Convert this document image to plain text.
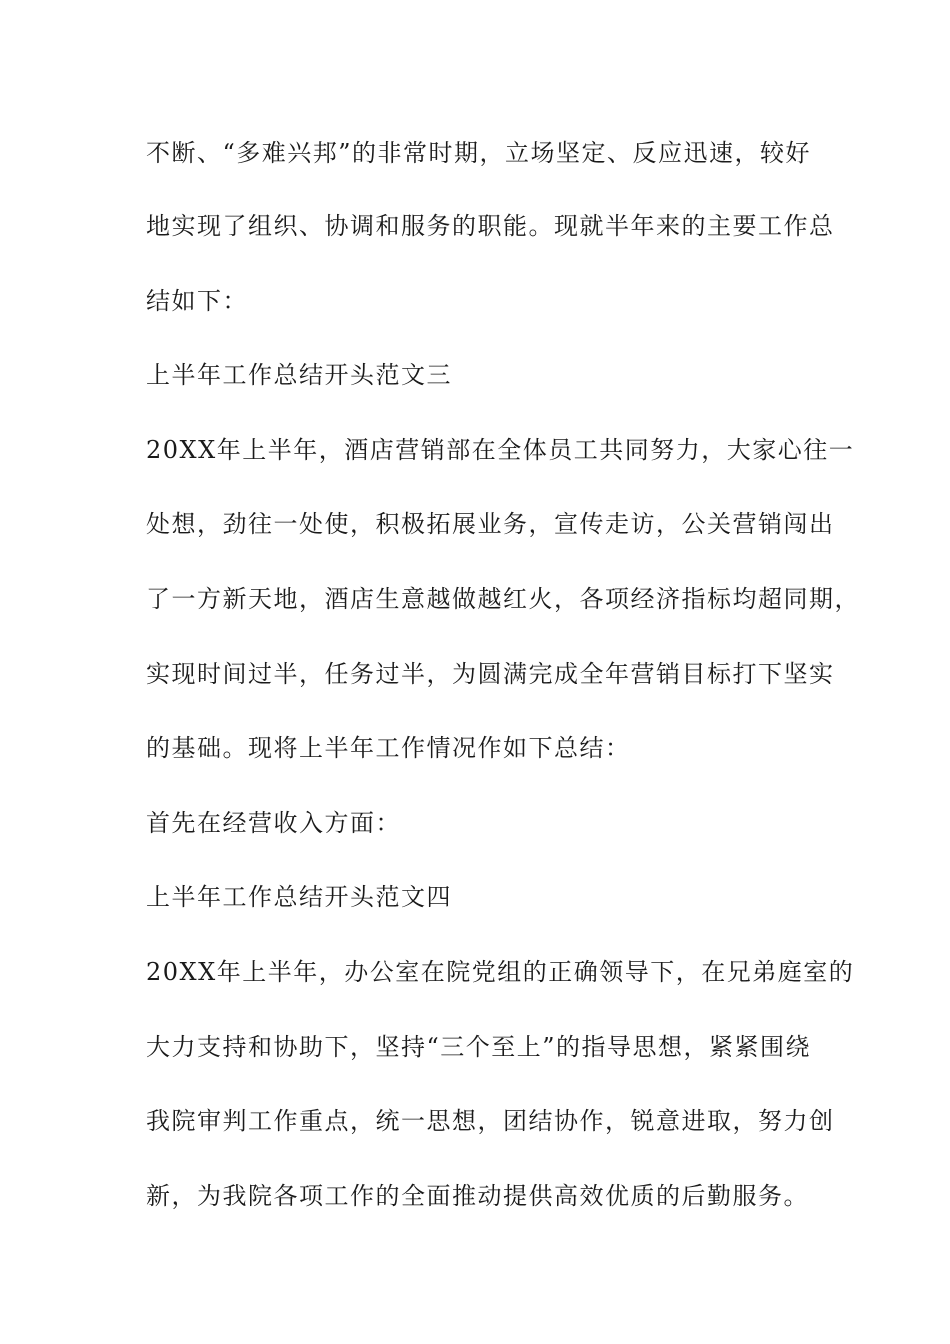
不断、“多难兴邦”的非常时期，立场坚定、反应迅速，较好
地实现了组织、协调和服务的职能。现就半年来的主要工作总
结如下：
上半年工作总结开头范文三
20XX年上半年，酒店营销部在全体员工共同努力，大家心往一
处想，劲往一处使，积极拓展业务，宣传走访，公关营销闯出
了一方新天地，酒店生意越做越红火，各项经济指标均超同期，
实现时间过半，任务过半，为圆满完成全年营销目标打下坚实
的基础。现将上半年工作情况作如下总结：
首先在经营收入方面：
上半年工作总结开头范文四
20XX年上半年，办公室在院党组的正确领导下，在兄弟庭室的
大力支持和协助下，坚持“三个至上”的指导思想，紧紧围绕
我院审判工作重点，统一思想，团结协作，锐意进取，努力创
新，为我院各项工作的全面推动提供高效优质的后勤服务。
